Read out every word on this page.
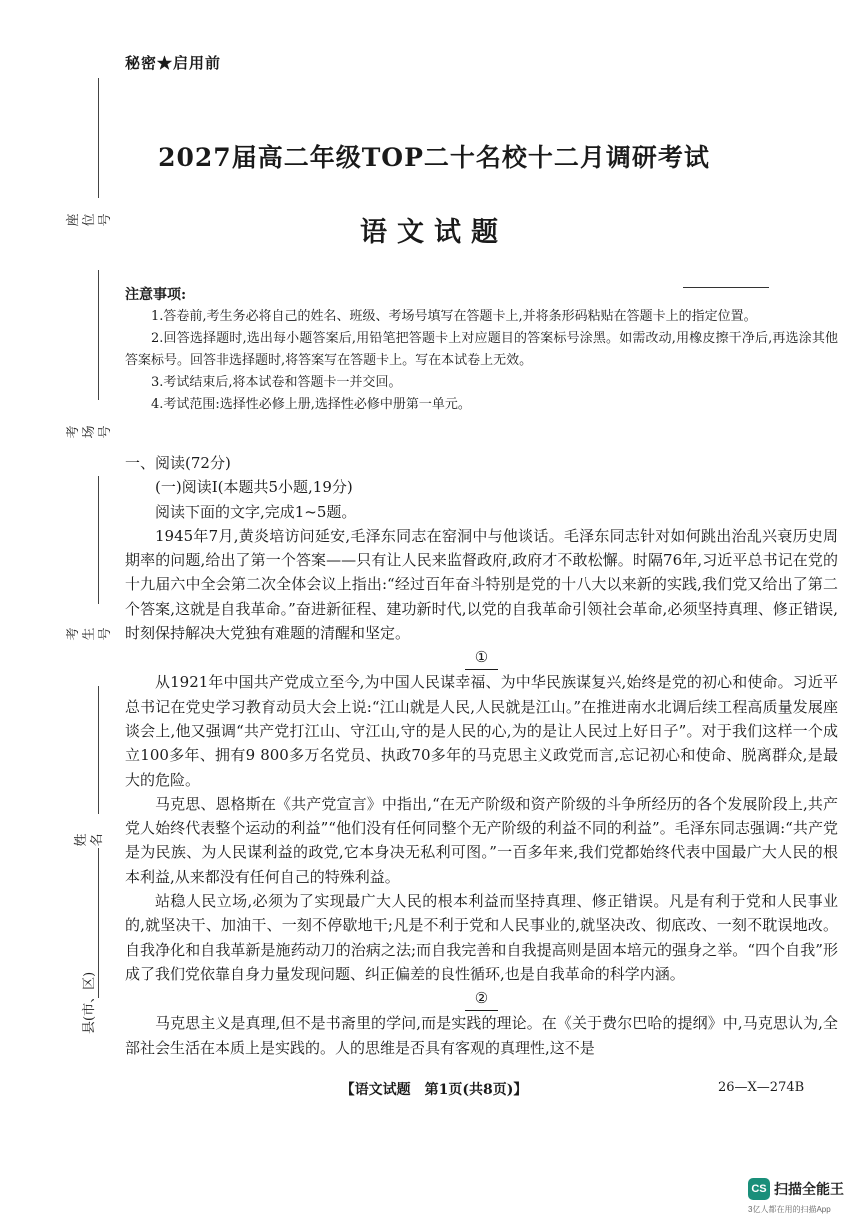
座位号
考场号
考生号
姓名
县(市、区)
秘密★启用前
2027届高二年级TOP二十名校十二月调研考试
语文试题
注意事项:

1.答卷前,考生务必将自己的姓名、班级、考场号填写在答题卡上,并将条形码粘贴在答题卡上的指定位置。

2.回答选择题时,选出每小题答案后,用铅笔把答题卡上对应题目的答案标号涂黑。如需改动,用橡皮擦干净后,再选涂其他答案标号。回答非选择题时,将答案写在答题卡上。写在本试卷上无效。

3.考试结束后,将本试卷和答题卡一并交回。

4.考试范围:选择性必修上册,选择性必修中册第一单元。

一、阅读(72分)

(一)阅读Ⅰ(本题共5小题,19分)

阅读下面的文字,完成1~5题。

1945年7月,黄炎培访问延安,毛泽东同志在窑洞中与他谈话。毛泽东同志针对如何跳出治乱兴衰历史周期率的问题,给出了第一个答案——只有让人民来监督政府,政府才不敢松懈。时隔76年,习近平总书记在党的十九届六中全会第二次全体会议上指出:“经过百年奋斗特别是党的十八大以来新的实践,我们党又给出了第二个答案,这就是自我革命。”奋进新征程、建功新时代,以党的自我革命引领社会革命,必须坚持真理、修正错误,时刻保持解决大党独有难题的清醒和坚定。

①

从1921年中国共产党成立至今,为中国人民谋幸福、为中华民族谋复兴,始终是党的初心和使命。习近平总书记在党史学习教育动员大会上说:“江山就是人民,人民就是江山。”在推进南水北调后续工程高质量发展座谈会上,他又强调“共产党打江山、守江山,守的是人民的心,为的是让人民过上好日子”。对于我们这样一个成立100多年、拥有9 800多万名党员、执政70多年的马克思主义政党而言,忘记初心和使命、脱离群众,是最大的危险。

马克思、恩格斯在《共产党宣言》中指出,“在无产阶级和资产阶级的斗争所经历的各个发展阶段上,共产党人始终代表整个运动的利益”“他们没有任何同整个无产阶级的利益不同的利益”。毛泽东同志强调:“共产党是为民族、为人民谋利益的政党,它本身决无私利可图。”一百多年来,我们党都始终代表中国最广大人民的根本利益,从来都没有任何自己的特殊利益。

站稳人民立场,必须为了实现最广大人民的根本利益而坚持真理、修正错误。凡是有利于党和人民事业的,就坚决干、加油干、一刻不停歇地干;凡是不利于党和人民事业的,就坚决改、彻底改、一刻不耽误地改。自我净化和自我革新是施药动刀的治病之法;而自我完善和自我提高则是固本培元的强身之举。“四个自我”形成了我们党依靠自身力量发现问题、纠正偏差的良性循环,也是自我革命的科学内涵。

②

马克思主义是真理,但不是书斋里的学问,而是实践的理论。在《关于费尔巴哈的提纲》中,马克思认为,全部社会生活在本质上是实践的。人的思维是否具有客观的真理性,这不是

【语文试题　第1页(共8页)】	26—X—274B
CS 扫描全能王
3亿人都在用的扫描App
